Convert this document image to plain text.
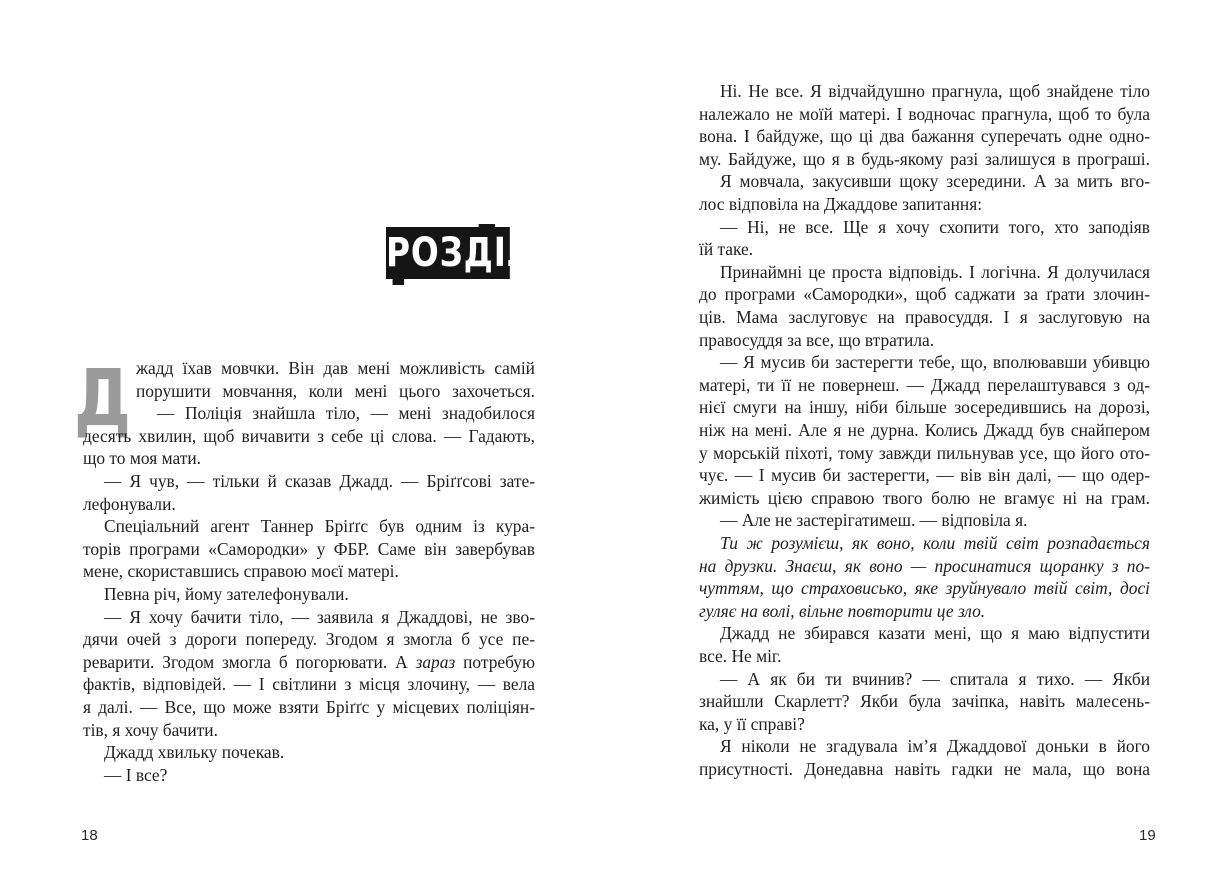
РОЗДІЛ 3
Д жадд їхав мовчки. Він дав мені можливість самій
порушити мовчання, коли мені цього захочеться.
— Поліція знайшла тіло, — мені знадобилося
десять хвилин, щоб вичавити з себе ці слова. — Гадають,
що то моя мати.
— Я чув, — тільки й сказав Джадд. — Бріґґсові зате-
лефонували.
Спеціальний агент Таннер Бріґґс був одним із кура-
торів програми «Самородки» у ФБР. Саме він завербував
мене, скориставшись справою моєї матері.
Певна річ, йому зателефонували.
— Я хочу бачити тіло, — заявила я Джаддові, не зво-
дячи очей з дороги попереду. Згодом я змогла б усе пе-
реварити. Згодом змогла б погорювати. А зараз потребую
фактів, відповідей. — І світлини з місця злочину, — вела
я далі. — Все, що може взяти Бріґґс у місцевих поліціян-
тів, я хочу бачити.
Джадд хвильку почекав.
— І все?
18
Ні. Не все. Я відчайдушно прагнула, щоб знайдене тіло
належало не моїй матері. І водночас прагнула, щоб то була
вона. І байдуже, що ці два бажання суперечать одне одно-
му. Байдуже, що я в будь-якому разі залишуся в програші.
Я мовчала, закусивши щоку зсередини. А за мить вго-
лос відповіла на Джаддове запитання:
— Ні, не все. Ще я хочу схопити того, хто заподіяв
їй таке.
Принаймні це проста відповідь. І логічна. Я долучилася
до програми «Самородки», щоб саджати за ґрати злочин-
ців. Мама заслуговує на правосуддя. І я заслуговую на
правосуддя за все, що втратила.
— Я мусив би застерегти тебе, що, вполювавши убивцю
матері, ти її не повернеш. — Джадд перелаштувався з од-
нієї смуги на іншу, ніби більше зосередившись на дорозі,
ніж на мені. Але я не дурна. Колись Джадд був снайпером
у морській піхоті, тому завжди пильнував усе, що його ото-
чує. — І мусив би застерегти, — вів він далі, — що одер-
жимість цією справою твого болю не вгамує ні на грам.
— Але не застерігатимеш. — відповіла я.
Ти ж розумієш, як воно, коли твій світ розпадається
на друзки. Знаєш, як воно — просинатися щоранку з по-
чуттям, що страховисько, яке зруйнувало твій світ, досі
гуляє на волі, вільне повторити це зло.
Джадд не збирався казати мені, що я маю відпустити
все. Не міг.
— А як би ти вчинив? — спитала я тихо. — Якби
знайшли Скарлетт? Якби була зачіпка, навіть малесень-
ка, у її справі?
Я ніколи не згадувала ім’я Джаддової доньки в його
присутності. Донедавна навіть гадки не мала, що вона
19
